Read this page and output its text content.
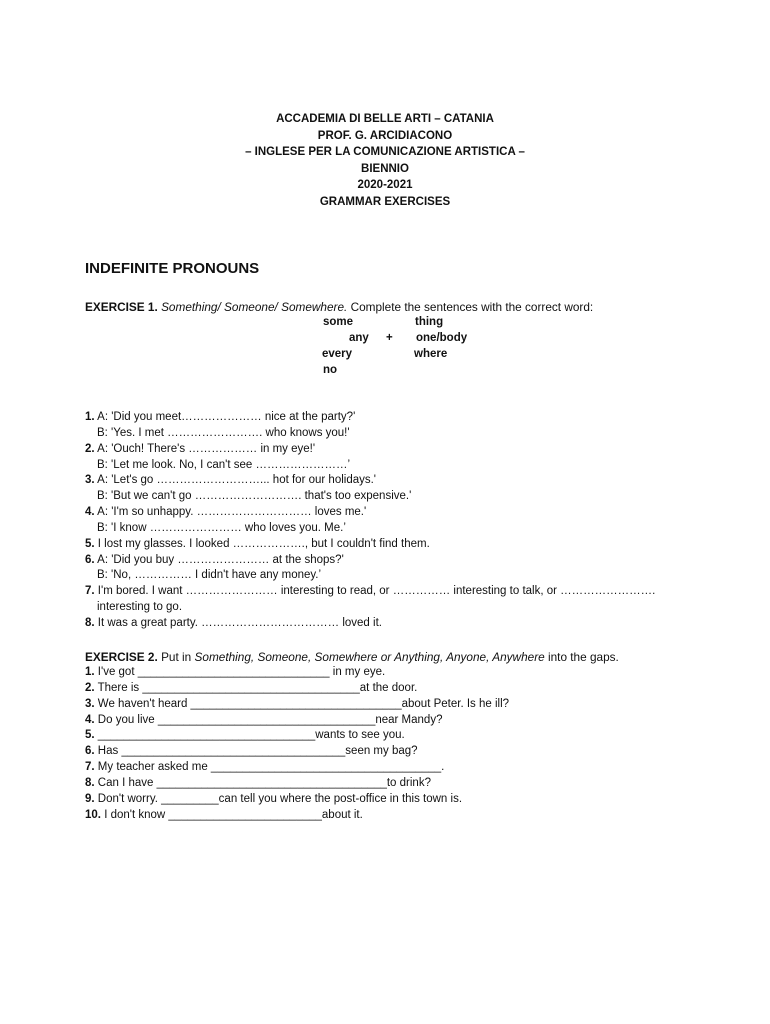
ACCADEMIA DI BELLE ARTI – CATANIA
PROF. G. ARCIDIACONO
– INGLESE PER LA COMUNICAZIONE ARTISTICA –
BIENNIO
2020-2021
GRAMMAR EXERCISES
INDEFINITE PRONOUNS
EXERCISE 1. Something/ Someone/ Somewhere. Complete the sentences with the correct word:
some
any
every
no
+
thing
one/body
where
1. A: 'Did you meet………………… nice at the party?'
B: 'Yes. I met ……………………. who knows you!'
2. A: 'Ouch! There's ……………… in my eye!'
B: 'Let me look. No, I can't see ……………………’
3. A: 'Let's go ………………………... hot for our holidays.'
B: 'But we can't go ………………………. that's too expensive.'
4. A: 'I'm so unhappy. ………………………… loves me.'
B: 'I know …………………… who loves you. Me.’
5. I lost my glasses. I looked ………………., but I couldn't find them.
6. A: 'Did you buy …………………… at the shops?'
B: 'No, …………… I didn't have any money.’
7. I'm bored. I want …………………… interesting to read, or …………… interesting to talk, or …………………….
interesting to go.
8. It was a great party. ……………………………… loved it.
EXERCISE 2. Put in Something, Someone, Somewhere or Anything, Anyone, Anywhere into the gaps.
1. I've got ______________________________ in my eye.
2. There is __________________________________at the door.
3. We haven't heard _________________________________about Peter. Is he ill?
4. Do you live __________________________________near Mandy?
5. __________________________________wants to see you.
6. Has ___________________________________seen my bag?
7. My teacher asked me ____________________________________.
8. Can I have ____________________________________to drink?
9. Don't worry. _________can tell you where the post-office in this town is.
10. I don't know ________________________about it.
